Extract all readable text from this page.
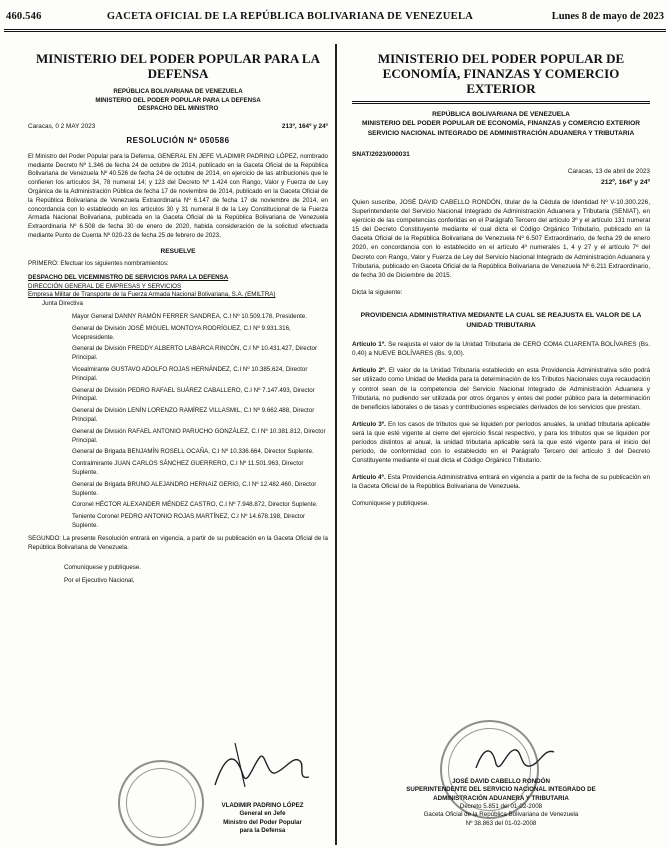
460.546	GACETA OFICIAL DE LA REPÚBLICA BOLIVARIANA DE VENEZUELA	Lunes 8 de mayo de 2023
MINISTERIO DEL PODER POPULAR PARA LA DEFENSA
REPÚBLICA BOLIVARIANA DE VENEZUELA
MINISTERIO DEL PODER POPULAR PARA LA DEFENSA
DESPACHO DEL MINISTRO
Caracas, 0 2 MAY 2023	213º, 164º y 24º
RESOLUCIÓN Nº 050586

El Ministro del Poder Popular para la Defensa, GENERAL EN JEFE VLADIMIR PADRINO LÓPEZ, nombrado mediante Decreto Nº 1.346 de fecha 24 de octubre de 2014, publicado en la Gaceta Oficial de la República Bolivariana de Venezuela Nº 40.526 de fecha 24 de octubre de 2014, en ejercicio de las atribuciones que le confieren los artículos 34, 78 numeral 14; y 123 del Decreto Nº 1.424 con Rango, Valor y Fuerza de Ley Orgánica de la Administración Pública de fecha 17 de noviembre de 2014, publicado en la Gaceta Oficial de la República Bolivariana de Venezuela Extraordinaria Nº 6.147 de fecha 17 de noviembre de 2014, en concordancia con lo establecido en los artículos 30 y 31 numeral 8 de la Ley Constitucional de la Fuerza Armada Nacional Bolivariana, publicada en la Gaceta Oficial de la República Bolivariana de Venezuela Extraordinaria Nº 6.508 de fecha 30 de enero de 2020, habida consideración de la solicitud efectuada mediante Punto de Cuenta Nº 020-23 de fecha 25 de febrero de 2023,

RESUELVE

PRIMERO: Efectuar los siguientes nombramientos:

DESPACHO DEL VICEMINISTRO DE SERVICIOS PARA LA DEFENSA
DIRECCIÓN GENERAL DE EMPRESAS Y SERVICIOS
Empresa Militar de Transporte de la Fuerza Armada Nacional Bolivariana, S.A. (EMILTRA)
Junta Directiva
Mayor General DANNY RAMÓN FERRER SANDREA, C.I Nº 10.509.178, Presidente.
General de División JOSÉ MIGUEL MONTOYA RODRÍGUEZ, C.I Nº 9.931.316, Vicepresidente.
General de División FREDDY ALBERTO LABARCA RINCÓN, C.I Nº 10.431.427, Director Principal.
Vicealmirante GUSTAVO ADOLFO ROJAS HERNÁNDEZ, C.I Nº 10.385.624, Director Principal.
General de División PEDRO RAFAEL SUÁREZ CABALLERO, C.I Nº 7.147.493, Director Principal.
General de División LENÍN LORENZO RAMÍREZ VILLASMIL, C.I Nº 9.662.488, Director Principal.
General de División RAFAEL ANTONIO PARUCHO GONZÁLEZ, C.I Nº 10.381.812, Director Principal.
General de Brigada BENJAMÍN ROSELL OCAÑA, C.I Nº 10.336.664, Director Suplente.
Contralmirante JUAN CARLOS SÁNCHEZ GUERRERO, C.I Nº 11.501.963, Director Suplente.
General de Brigada BRUNO ALEJANDRO HERNAIZ GERIG, C.I Nº 12.482.460, Director Suplente.
Coronel HÉCTOR ALEXANDER MÉNDEZ CASTRO, C.I Nº 7.948.872, Director Suplente.
Teniente Coronel PEDRO ANTONIO ROJAS MARTÍNEZ, C.I Nº 14.678.198, Director Suplente.

SEGUNDO: La presente Resolución entrará en vigencia, a partir de su publicación en la Gaceta Oficial de la República Bolivariana de Venezuela.

Comuníquese y publíquese.
Por el Ejecutivo Nacional,
VLADIMIR PADRINO LÓPEZ
General en Jefe
Ministro del Poder Popular
para la Defensa
MINISTERIO DEL PODER POPULAR DE ECONOMÍA, FINANZAS Y COMERCIO EXTERIOR
REPÚBLICA BOLIVARIANA DE VENEZUELA
MINISTERIO DEL PODER POPULAR DE ECONOMÍA, FINANZAS y COMERCIO EXTERIOR
SERVICIO NACIONAL INTEGRADO DE ADMINISTRACIÓN ADUANERA Y TRIBUTARIA
SNAT/2023/000031
Caracas, 13 de abril de 2023
212º, 164º y 24º

Quien suscribe, JOSÉ DAVID CABELLO RONDÓN, titular de la Cédula de Identidad Nº V-10.300.226, Superintendente del Servicio Nacional Integrado de Administración Aduanera y Tributaria (SENIAT), en ejercicio de las competencias conferidas en el Parágrafo Tercero del artículo 3º y el artículo 131 numeral 15 del Decreto Constituyente mediante el cual dicta el Código Orgánico Tributario, publicado en la Gaceta Oficial de la República Bolivariana de Venezuela Nº 6.507 Extraordinario, de fecha 29 de enero 2020, en concordancia con lo establecido en el artículo 4º numerales 1, 4 y 27 y el artículo 7º del Decreto con Rango, Valor y Fuerza de Ley del Servicio Nacional Integrado de Administración Aduanera y Tributaria, publicado en Gaceta Oficial de la República Bolivariana de Venezuela Nº 6.211 Extraordinario, de fecha 30 de Diciembre de 2015.

Dicta la siguiente:

PROVIDENCIA ADMINISTRATIVA MEDIANTE LA CUAL SE REAJUSTA EL VALOR DE LA UNIDAD TRIBUTARIA

Artículo 1º. Se reajusta el valor de la Unidad Tributaria de CERO COMA CUARENTA BOLÍVARES (Bs. 0,40) a NUEVE BOLÍVARES (Bs. 9,00).

Artículo 2º. El valor de la Unidad Tributaria establecido en esta Providencia Administrativa sólo podrá ser utilizado como Unidad de Medida para la determinación de los Tributos Nacionales cuya recaudación y control sean de la competencia del Servicio Nacional Integrado de Administración Aduanera y Tributaria, no pudiendo ser utilizada por otros órganos y entes del poder público para la determinación de beneficios laborales o de tasas y contribuciones especiales derivados de los servicios que prestan.

Artículo 3º. En los casos de tributos que se liquiden por períodos anuales, la unidad tributaria aplicable será la que esté vigente al cierre del ejercicio fiscal respectivo, y para los tributos que se liquiden por períodos distintos al anual, la unidad tributaria aplicable será la que esté vigente para el inicio del período, de conformidad con lo establecido en el Parágrafo Tercero del artículo 3 del Decreto Constituyente mediante el cual dicta el Código Orgánico Tributario.

Artículo 4º. Esta Providencia Administrativa entrará en vigencia a partir de la fecha de su publicación en la Gaceta Oficial de la República Bolivariana de Venezuela.

Comuníquese y publíquese.
JOSÉ DAVID CABELLO RONDÓN
SUPERINTENDENTE DEL SERVICIO NACIONAL INTEGRADO DE
ADMINISTRACIÓN ADUANERA Y TRIBUTARIA
Decreto 5.851 del 01-02-2008
Gaceta Oficial de la República Bolivariana de Venezuela
Nº 38.863 del 01-02-2008
